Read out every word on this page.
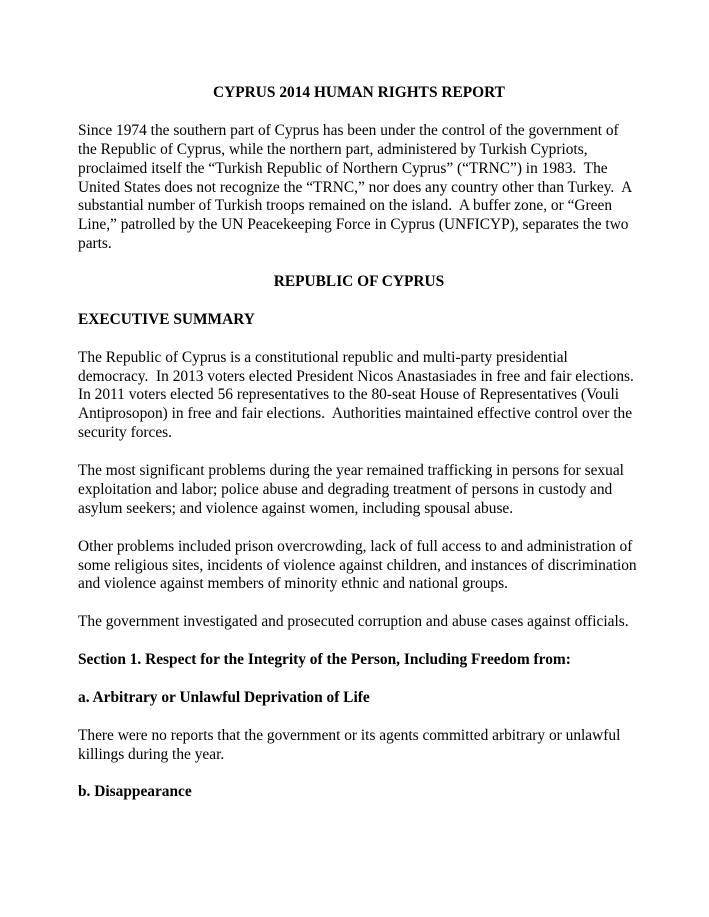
CYPRUS 2014 HUMAN RIGHTS REPORT
Since 1974 the southern part of Cyprus has been under the control of the government of the Republic of Cyprus, while the northern part, administered by Turkish Cypriots, proclaimed itself the “Turkish Republic of Northern Cyprus” (“TRNC”) in 1983.  The United States does not recognize the “TRNC,” nor does any country other than Turkey.  A substantial number of Turkish troops remained on the island.  A buffer zone, or “Green Line,” patrolled by the UN Peacekeeping Force in Cyprus (UNFICYP), separates the two parts.
REPUBLIC OF CYPRUS
EXECUTIVE SUMMARY
The Republic of Cyprus is a constitutional republic and multi-party presidential democracy.  In 2013 voters elected President Nicos Anastasiades in free and fair elections.  In 2011 voters elected 56 representatives to the 80-seat House of Representatives (Vouli Antiprosopon) in free and fair elections.  Authorities maintained effective control over the security forces.
The most significant problems during the year remained trafficking in persons for sexual exploitation and labor; police abuse and degrading treatment of persons in custody and asylum seekers; and violence against women, including spousal abuse.
Other problems included prison overcrowding, lack of full access to and administration of some religious sites, incidents of violence against children, and instances of discrimination and violence against members of minority ethnic and national groups.
The government investigated and prosecuted corruption and abuse cases against officials.
Section 1. Respect for the Integrity of the Person, Including Freedom from:
a. Arbitrary or Unlawful Deprivation of Life
There were no reports that the government or its agents committed arbitrary or unlawful killings during the year.
b. Disappearance
